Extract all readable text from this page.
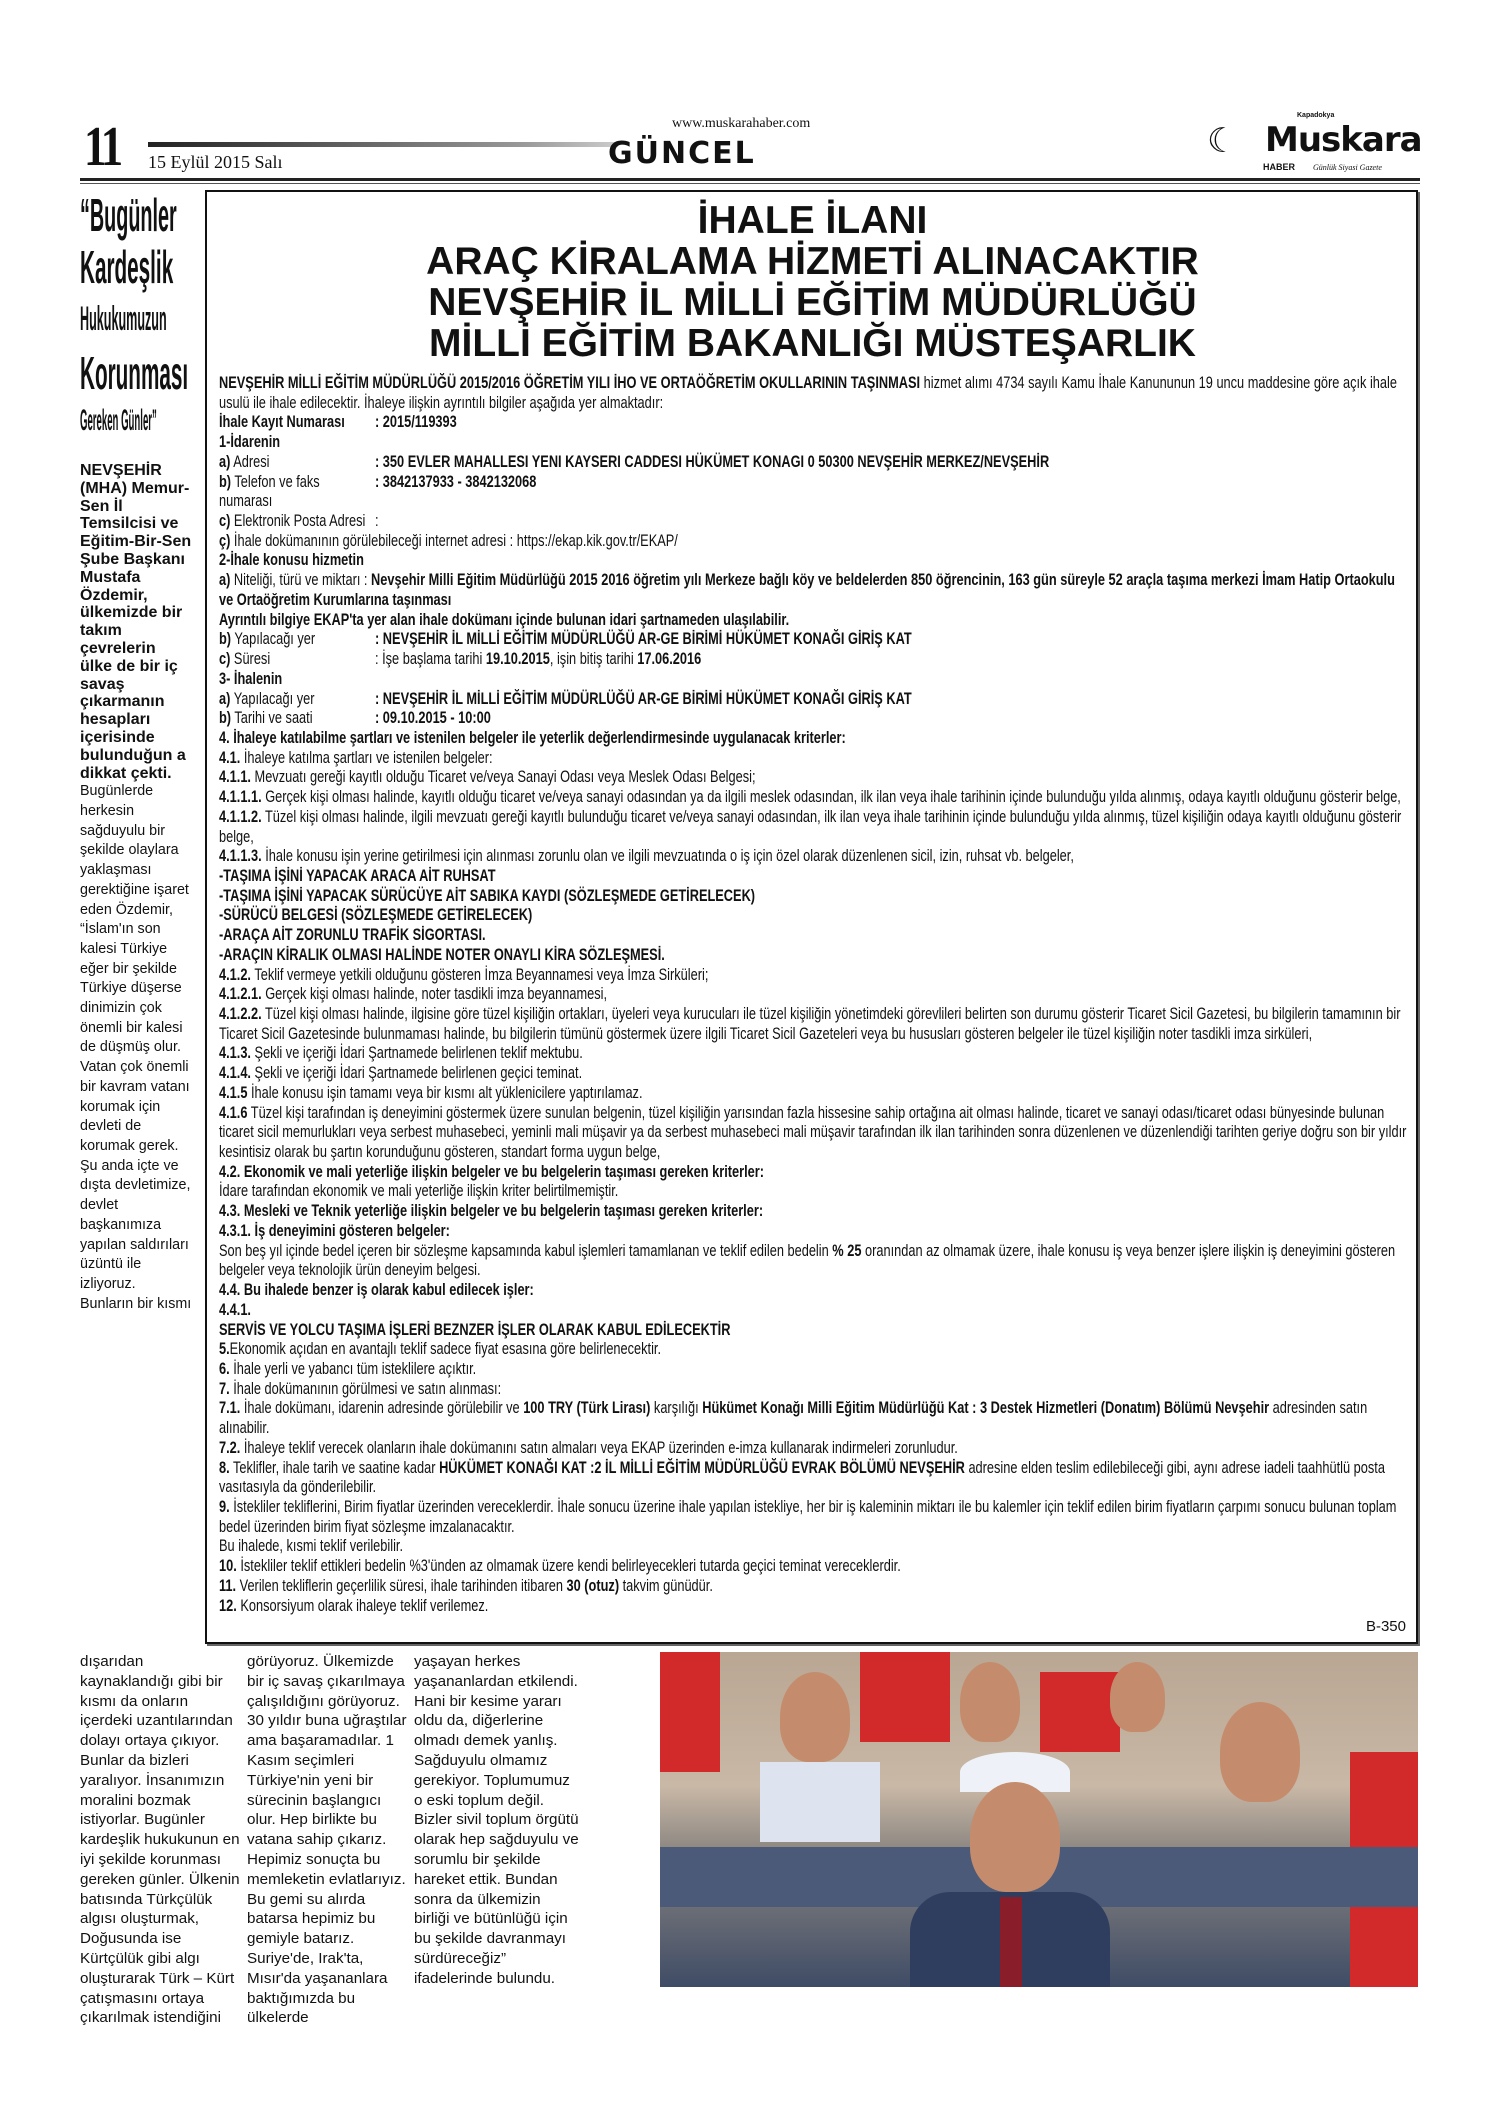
11 15 Eylül 2015 Salı
www.muskarahaber.com
GÜNCEL	☾
Kapadokya
Muskara
HABER Günlük Siyasi Gazete
“Bugünler
Kardeşlik
Hukukumuzun
Korunması
Gereken Günler”
NEVŞEHİR (MHA) Memur-Sen İl Temsilcisi ve Eğitim-Bir-Sen Şube Başkanı Mustafa Özdemir, ülkemizde bir takım çevrelerin ülke de bir iç savaş çıkarmanın hesapları içerisinde bulunduğun a dikkat çekti.
Bugünlerde herkesin sağduyulu bir şekilde olaylara yaklaşması gerektiğine işaret eden Özdemir, “İslam'ın son kalesi Türkiye eğer bir şekilde Türkiye düşerse dinimizin çok önemli bir kalesi de düşmüş olur. Vatan çok önemli bir kavram vatanı korumak için devleti de korumak gerek. Şu anda içte ve dışta devletimize, devlet başkanımıza yapılan saldırıları üzüntü ile izliyoruz. Bunların bir kısmı
İHALE İLANI
ARAÇ KİRALAMA HİZMETİ ALINACAKTIR
NEVŞEHİR İL MİLLİ EĞİTİM MÜDÜRLÜĞÜ
MİLLİ EĞİTİM BAKANLIĞI MÜSTEŞARLIK
NEVŞEHİR MİLLİ EĞİTİM MÜDÜRLÜĞÜ 2015/2016 ÖĞRETİM YILI İHO VE ORTAÖĞRETİM OKULLARININ TAŞINMASI hizmet alımı 4734 sayılı Kamu İhale Kanununun 19 uncu maddesine göre açık ihale usulü ile ihale edilecektir. İhaleye ilişkin ayrıntılı bilgiler aşağıda yer almaktadır:
İhale Kayıt Numarası	: 2015/119393
1-İdarenin
a) Adresi	: 350 EVLER MAHALLESI YENI KAYSERI CADDESI HÜKÜMET KONAGI 0 50300 NEVŞEHİR MERKEZ/NEVŞEHİR
b) Telefon ve faks numarası
: 3842137933 - 3842132068
c) Elektronik Posta Adresi :
ç) İhale dokümanının görülebileceği internet adresi : https://ekap.kik.gov.tr/EKAP/
2-İhale konusu hizmetin
a) Niteliği, türü ve miktarı : Nevşehir Milli Eğitim Müdürlüğü 2015 2016 öğretim yılı Merkeze bağlı köy ve beldelerden 850 öğrencinin, 163 gün süreyle 52 araçla taşıma merkezi İmam Hatip Ortaokulu ve Ortaöğretim Kurumlarına taşınması
Ayrıntılı bilgiye EKAP'ta yer alan ihale dokümanı içinde bulunan idari şartnameden ulaşılabilir.
b) Yapılacağı yer	: NEVŞEHİR İL MİLLİ EĞİTİM MÜDÜRLÜĞÜ AR-GE BİRİMİ HÜKÜMET KONAĞI GİRİŞ KAT
c) Süresi	: İşe başlama tarihi 19.10.2015, işin bitiş tarihi 17.06.2016
3- İhalenin
a) Yapılacağı yer	: NEVŞEHİR İL MİLLİ EĞİTİM MÜDÜRLÜĞÜ AR-GE BİRİMİ HÜKÜMET KONAĞI GİRİŞ KAT
b) Tarihi ve saati	: 09.10.2015 - 10:00
4. İhaleye katılabilme şartları ve istenilen belgeler ile yeterlik değerlendirmesinde uygulanacak kriterler:
4.1. İhaleye katılma şartları ve istenilen belgeler:
4.1.1. Mevzuatı gereği kayıtlı olduğu Ticaret ve/veya Sanayi Odası veya Meslek Odası Belgesi;
4.1.1.1. Gerçek kişi olması halinde, kayıtlı olduğu ticaret ve/veya sanayi odasından ya da ilgili meslek odasından, ilk ilan veya ihale tarihinin içinde bulunduğu yılda alınmış, odaya kayıtlı olduğunu gösterir belge,
4.1.1.2. Tüzel kişi olması halinde, ilgili mevzuatı gereği kayıtlı bulunduğu ticaret ve/veya sanayi odasından, ilk ilan veya ihale tarihinin içinde bulunduğu yılda alınmış, tüzel kişiliğin odaya kayıtlı olduğunu gösterir belge,
4.1.1.3. İhale konusu işin yerine getirilmesi için alınması zorunlu olan ve ilgili mevzuatında o iş için özel olarak düzenlenen sicil, izin, ruhsat vb. belgeler,
-TAŞIMA İŞİNİ YAPACAK ARACA AİT RUHSAT
-TAŞIMA İŞİNİ YAPACAK SÜRÜCÜYE AİT SABIKA KAYDI (SÖZLEŞMEDE GETİRELECEK)
-SÜRÜCÜ BELGESİ (SÖZLEŞMEDE GETİRELECEK)
-ARAÇA AİT ZORUNLU TRAFİK SİGORTASI.
-ARAÇIN KİRALIK OLMASI HALİNDE NOTER ONAYLI KİRA SÖZLEŞMESİ.
4.1.2. Teklif vermeye yetkili olduğunu gösteren İmza Beyannamesi veya İmza Sirküleri;
4.1.2.1. Gerçek kişi olması halinde, noter tasdikli imza beyannamesi,
4.1.2.2. Tüzel kişi olması halinde, ilgisine göre tüzel kişiliğin ortakları, üyeleri veya kurucuları ile tüzel kişiliğin yönetimdeki görevlileri belirten son durumu gösterir Ticaret Sicil Gazetesi, bu bilgilerin tamamının bir Ticaret Sicil Gazetesinde bulunmaması halinde, bu bilgilerin tümünü göstermek üzere ilgili Ticaret Sicil Gazeteleri veya bu hususları gösteren belgeler ile tüzel kişiliğin noter tasdikli imza sirküleri,
4.1.3. Şekli ve içeriği İdari Şartnamede belirlenen teklif mektubu.
4.1.4. Şekli ve içeriği İdari Şartnamede belirlenen geçici teminat.
4.1.5 İhale konusu işin tamamı veya bir kısmı alt yüklenicilere yaptırılamaz.
4.1.6 Tüzel kişi tarafından iş deneyimini göstermek üzere sunulan belgenin, tüzel kişiliğin yarısından fazla hissesine sahip ortağına ait olması halinde, ticaret ve sanayi odası/ticaret odası bünyesinde bulunan ticaret sicil memurlukları veya serbest muhasebeci, yeminli mali müşavir ya da serbest muhasebeci mali müşavir tarafından ilk ilan tarihinden sonra düzenlenen ve düzenlendiği tarihten geriye doğru son bir yıldır kesintisiz olarak bu şartın korunduğunu gösteren, standart forma uygun belge,
4.2. Ekonomik ve mali yeterliğe ilişkin belgeler ve bu belgelerin taşıması gereken kriterler:
İdare tarafından ekonomik ve mali yeterliğe ilişkin kriter belirtilmemiştir.
4.3. Mesleki ve Teknik yeterliğe ilişkin belgeler ve bu belgelerin taşıması gereken kriterler:
4.3.1. İş deneyimini gösteren belgeler:
Son beş yıl içinde bedel içeren bir sözleşme kapsamında kabul işlemleri tamamlanan ve teklif edilen bedelin % 25 oranından az olmamak üzere, ihale konusu iş veya benzer işlere ilişkin iş deneyimini gösteren belgeler veya teknolojik ürün deneyim belgesi.
4.4. Bu ihalede benzer iş olarak kabul edilecek işler:
4.4.1.
SERVİS VE YOLCU TAŞIMA İŞLERİ BEZNZER İŞLER OLARAK KABUL EDİLECEKTİR
5.Ekonomik açıdan en avantajlı teklif sadece fiyat esasına göre belirlenecektir.
6. İhale yerli ve yabancı tüm isteklilere açıktır.
7. İhale dokümanının görülmesi ve satın alınması:
7.1. İhale dokümanı, idarenin adresinde görülebilir ve 100 TRY (Türk Lirası) karşılığı Hükümet Konağı Milli Eğitim Müdürlüğü Kat : 3 Destek Hizmetleri (Donatım) Bölümü Nevşehir adresinden satın alınabilir.
7.2. İhaleye teklif verecek olanların ihale dokümanını satın almaları veya EKAP üzerinden e-imza kullanarak indirmeleri zorunludur.
8. Teklifler, ihale tarih ve saatine kadar HÜKÜMET KONAĞI KAT :2 İL MİLLİ EĞİTİM MÜDÜRLÜĞÜ EVRAK BÖLÜMÜ NEVŞEHİR adresine elden teslim edilebileceği gibi, aynı adrese iadeli taahhütlü posta vasıtasıyla da gönderilebilir.
9. İstekliler tekliflerini, Birim fiyatlar üzerinden vereceklerdir. İhale sonucu üzerine ihale yapılan istekliye, her bir iş kaleminin miktarı ile bu kalemler için teklif edilen birim fiyatların çarpımı sonucu bulunan toplam bedel üzerinden birim fiyat sözleşme imzalanacaktır.
Bu ihalede, kısmi teklif verilebilir.
10. İstekliler teklif ettikleri bedelin %3'ünden az olmamak üzere kendi belirleyecekleri tutarda geçici teminat vereceklerdir.
11. Verilen tekliflerin geçerlilik süresi, ihale tarihinden itibaren 30 (otuz) takvim günüdür.
12. Konsorsiyum olarak ihaleye teklif verilemez.
B-350
dışarıdan kaynaklandığı gibi bir kısmı da onların içerdeki uzantılarından dolayı ortaya çıkıyor. Bunlar da bizleri yaralıyor. İnsanımızın moralini bozmak istiyorlar. Bugünler kardeşlik hukukunun en iyi şekilde korunması gereken günler. Ülkenin batısında Türkçülük algısı oluşturmak, Doğusunda ise Kürtçülük gibi algı oluşturarak Türk – Kürt çatışmasını ortaya çıkarılmak istendiğini
görüyoruz. Ülkemizde bir iç savaş çıkarılmaya çalışıldığını görüyoruz. 30 yıldır buna uğraştılar ama başaramadılar. 1 Kasım seçimleri Türkiye'nin yeni bir sürecinin başlangıcı olur. Hep birlikte bu vatana sahip çıkarız. Hepimiz sonuçta bu memleketin evlatlarıyız. Bu gemi su alırda batarsa hepimiz bu gemiyle batarız. Suriye'de, Irak'ta, Mısır'da yaşananlara baktığımızda bu ülkelerde
yaşayan herkes yaşananlardan etkilendi. Hani bir kesime yararı oldu da, diğerlerine olmadı demek yanlış. Sağduyulu olmamız gerekiyor. Toplumumuz o eski toplum değil. Bizler sivil toplum örgütü olarak hep sağduyulu ve sorumlu bir şekilde hareket ettik. Bundan sonra da ülkemizin birliği ve bütünlüğü için bu şekilde davranmayı sürdüreceğiz” ifadelerinde bulundu.
